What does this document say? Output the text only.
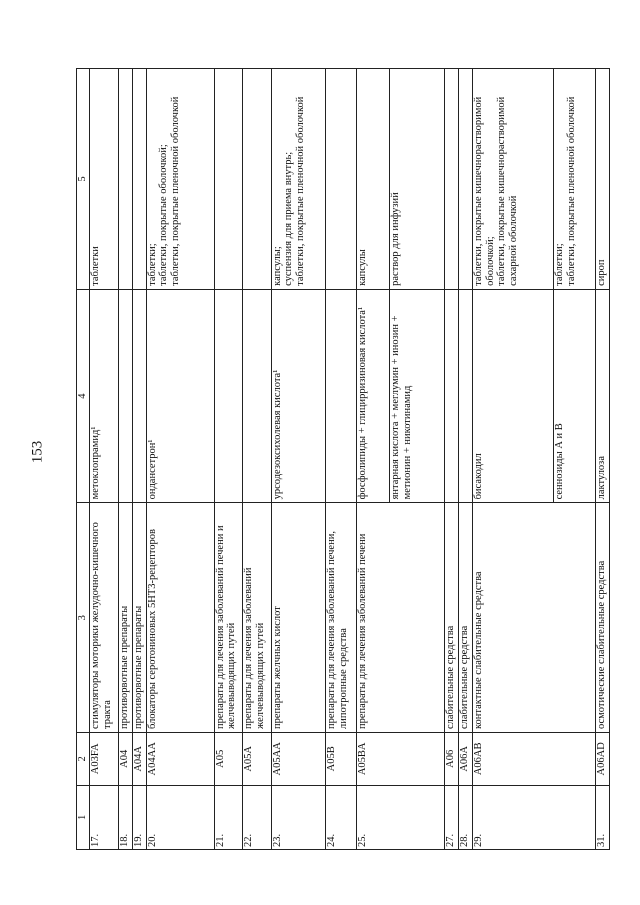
153
1	2	3	4	5
17.	A03FA	стимуляторы моторики желудочно-кишечного тракта	метоклопрамид¹	таблетки
18.	A04	противорвотные препараты		
19.	A04A	противорвотные препараты		
20.	A04AA	блокаторы серотониновых 5HT3-рецепторов	ондансетрон¹	таблетки;
таблетки, покрытые оболочкой;
таблетки, покрытые пленочной оболочкой
21.	A05	препараты для лечения заболеваний печени и желчевыводящих путей		
22.	A05A	препараты для лечения заболеваний желчевыводящих путей		
23.	A05AA	препараты желчных кислот	урсодезоксихолевая кислота¹	капсулы;
суспензия для приема внутрь;
таблетки, покрытые пленочной оболочкой
24.	A05B	препараты для лечения заболеваний печени, липотропные средства		
25.	A05BA	препараты для лечения заболеваний печени	фосфолипиды + глицирризиновая кислота¹	капсулы
			янтарная кислота + меглумин + инозин + метионин + никотинамид	раствор для инфузий
27.	A06	слабительные средства		
28.	A06A	слабительные средства		
29.	A06AB	контактные слабительные средства	бисакодил	таблетки, покрытые кишечнорастворимой оболочкой;
таблетки, покрытые кишечнорастворимой сахарной оболочкой
			сеннозиды А и В	таблетки;
таблетки, покрытые пленочной оболочкой
31.	A06AD	осмотические слабительные средства	лактулоза	сироп
